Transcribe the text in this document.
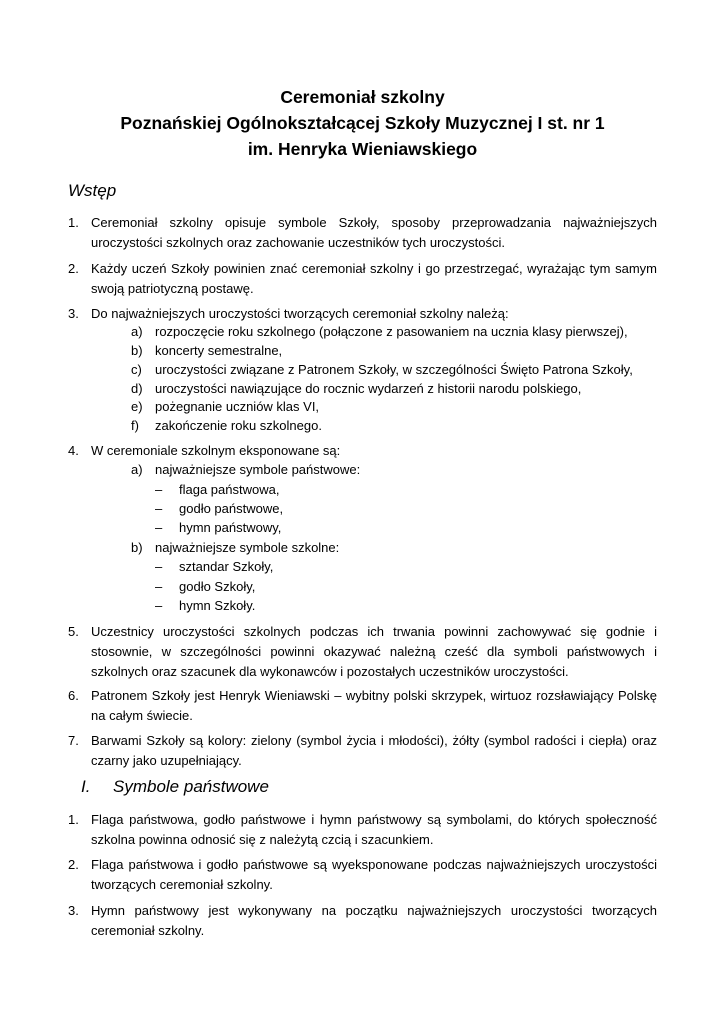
Ceremoniał szkolny
Poznańskiej Ogólnokształcącej Szkoły Muzycznej I st. nr 1
im. Henryka Wieniawskiego
Wstęp
1. Ceremoniał szkolny opisuje symbole Szkoły, sposoby przeprowadzania najważniejszych uroczystości szkolnych oraz zachowanie uczestników tych uroczystości.
2. Każdy uczeń Szkoły powinien znać ceremoniał szkolny i go przestrzegać, wyrażając tym samym swoją patriotyczną postawę.
3. Do najważniejszych uroczystości tworzących ceremoniał szkolny należą:
a) rozpoczęcie roku szkolnego (połączone z pasowaniem na ucznia klasy pierwszej),
b) koncerty semestralne,
c) uroczystości związane z Patronem Szkoły, w szczególności Święto Patrona Szkoły,
d) uroczystości nawiązujące do rocznic wydarzeń z historii narodu polskiego,
e) pożegnanie uczniów klas VI,
f) zakończenie roku szkolnego.
4. W ceremoniale szkolnym eksponowane są:
a) najważniejsze symbole państwowe:
– flaga państwowa,
– godło państwowe,
– hymn państwowy,
b) najważniejsze symbole szkolne:
– sztandar Szkoły,
– godło Szkoły,
– hymn Szkoły.
5. Uczestnicy uroczystości szkolnych podczas ich trwania powinni zachowywać się godnie i stosownie, w szczególności powinni okazywać należną cześć dla symboli państwowych i szkolnych oraz szacunek dla wykonawców i pozostałych uczestników uroczystości.
6. Patronem Szkoły jest Henryk Wieniawski – wybitny polski skrzypek, wirtuoz rozsławiający Polskę na całym świecie.
7. Barwami Szkoły są kolory: zielony (symbol życia i młodości), żółty (symbol radości i ciepła) oraz czarny jako uzupełniający.
I. Symbole państwowe
1. Flaga państwowa, godło państwowe i hymn państwowy są symbolami, do których społeczność szkolna powinna odnosić się z należytą czcią i szacunkiem.
2. Flaga państwowa i godło państwowe są wyeksponowane podczas najważniejszych uroczystości tworzących ceremoniał szkolny.
3. Hymn państwowy jest wykonywany na początku najważniejszych uroczystości tworzących ceremoniał szkolny.
